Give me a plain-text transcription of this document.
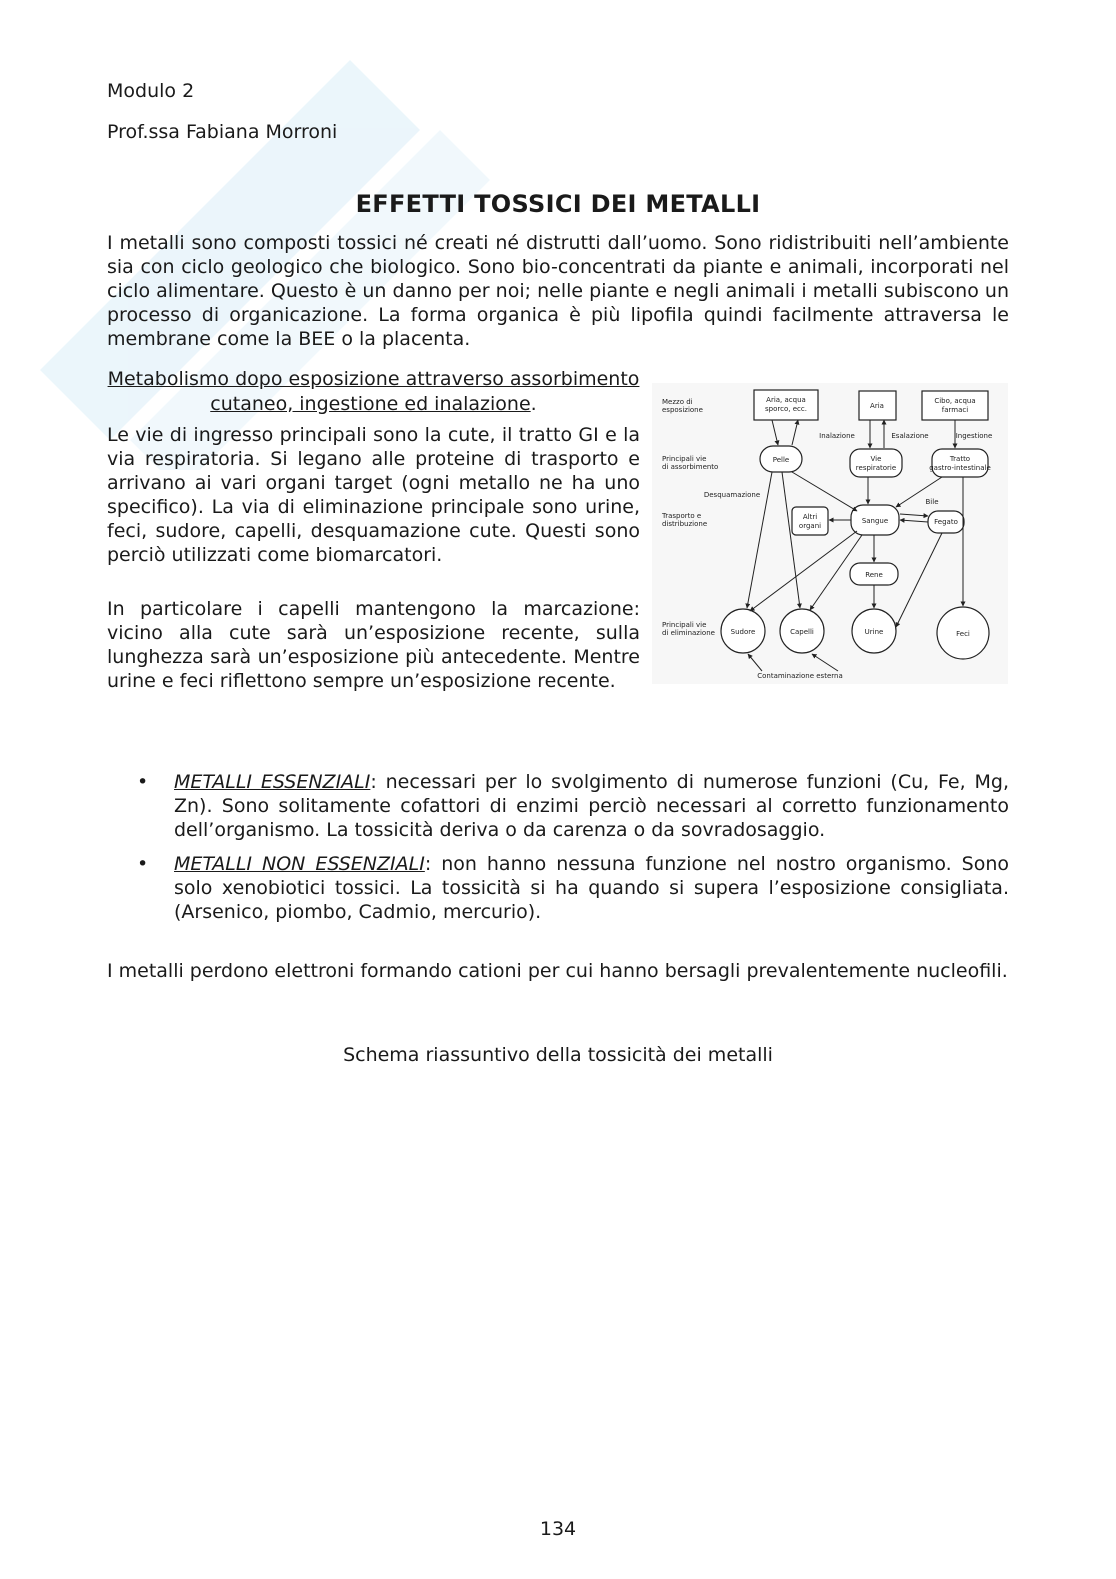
Modulo 2
Prof.ssa Fabiana Morroni
EFFETTI TOSSICI DEI METALLI

I metalli sono composti tossici né creati né distrutti dall’uomo. Sono ridistribuiti nell’ambiente sia con ciclo geologico che biologico. Sono bio-concentrati da piante e animali, incorporati nel ciclo alimentare. Questo è un danno per noi; nelle piante e negli animali i metalli subiscono un processo di organicazione. La forma organica è più lipofila quindi facilmente attraversa le membrane come la BEE o la placenta.

Metabolismo dopo esposizione attraverso assorbimento cutaneo, ingestione ed inalazione.

Le vie di ingresso principali sono la cute, il tratto GI e la via respiratoria. Si legano alle proteine di trasporto e arrivano ai vari organi target (ogni metallo ne ha uno specifico). La via di eliminazione principale sono urine, feci, sudore, capelli, desquamazione cute. Questi sono perciò utilizzati come biomarcatori.

In particolare i capelli mantengono la marcazione: vicino alla cute sarà un’esposizione recente, sulla lunghezza sarà un’esposizione più antecedente. Mentre urine e feci riflettono sempre un’esposizione recente.

Mezzo di
esposizione
Principali vie
di assorbimento
Trasporto e
distribuzione
Principali vie
di eliminazione
Aria, acqua
sporco, ecc.	Aria
Cibo, acqua
farmaci
Pelle	Vie
respiratorie
Tratto
gastro-intestinale
Altri
organi
Sangue	Fegato
Rene
Sudore	Capelli	Urine	Feci
Inalazione	Esalazione	Ingestione
Desquamazione
Bile
Contaminazione esterna
• METALLI ESSENZIALI: necessari per lo svolgimento di numerose funzioni (Cu, Fe, Mg, Zn). Sono solitamente cofattori di enzimi perciò necessari al corretto funzionamento dell’organismo. La tossicità deriva o da carenza o da sovradosaggio.
• METALLI NON ESSENZIALI: non hanno nessuna funzione nel nostro organismo. Sono solo xenobiotici tossici. La tossicità si ha quando si supera l’esposizione consigliata. (Arsenico, piombo, Cadmio, mercurio).

I metalli perdono elettroni formando cationi per cui hanno bersagli prevalentemente nucleofili.

Schema riassuntivo della tossicità dei metalli
134
